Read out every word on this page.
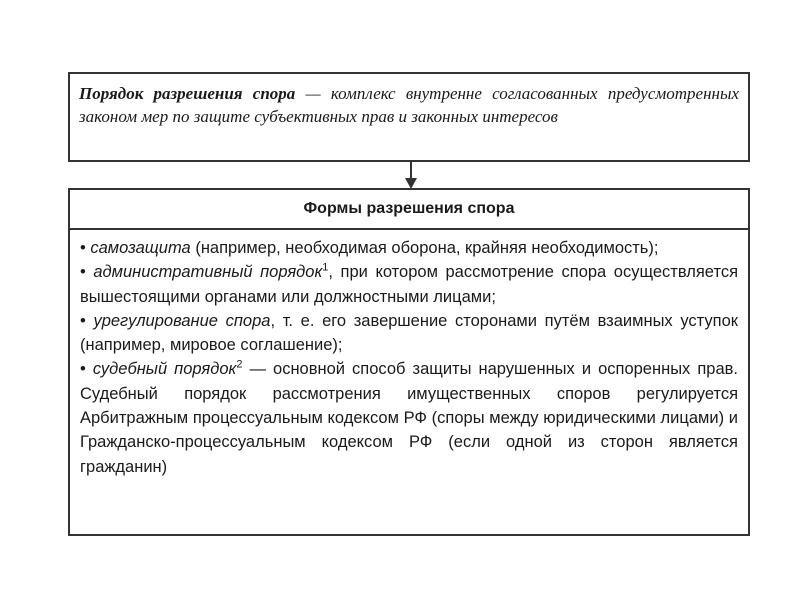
Порядок разрешения спора — комплекс внутренне согласованных предусмотренных законом мер по защите субъективных прав и законных интересов
Формы разрешения спора

• самозащита (например, необходимая оборона, крайняя необходимость);

• административный порядок$^1$, при котором рассмотрение спора осуществляется вышестоящими органами или должностными лицами;

• урегулирование спора, т. е. его завершение сторонами путём взаимных уступок (например, мировое соглашение);

• судебный порядок$^2$ — основной способ защиты нарушенных и оспоренных прав. Судебный порядок рассмотрения имущественных споров регулируется Арбитражным процессуальным кодексом РФ (споры между юридическими лицами) и Гражданско-процессуальным кодексом РФ (если одной из сторон является гражданин)
